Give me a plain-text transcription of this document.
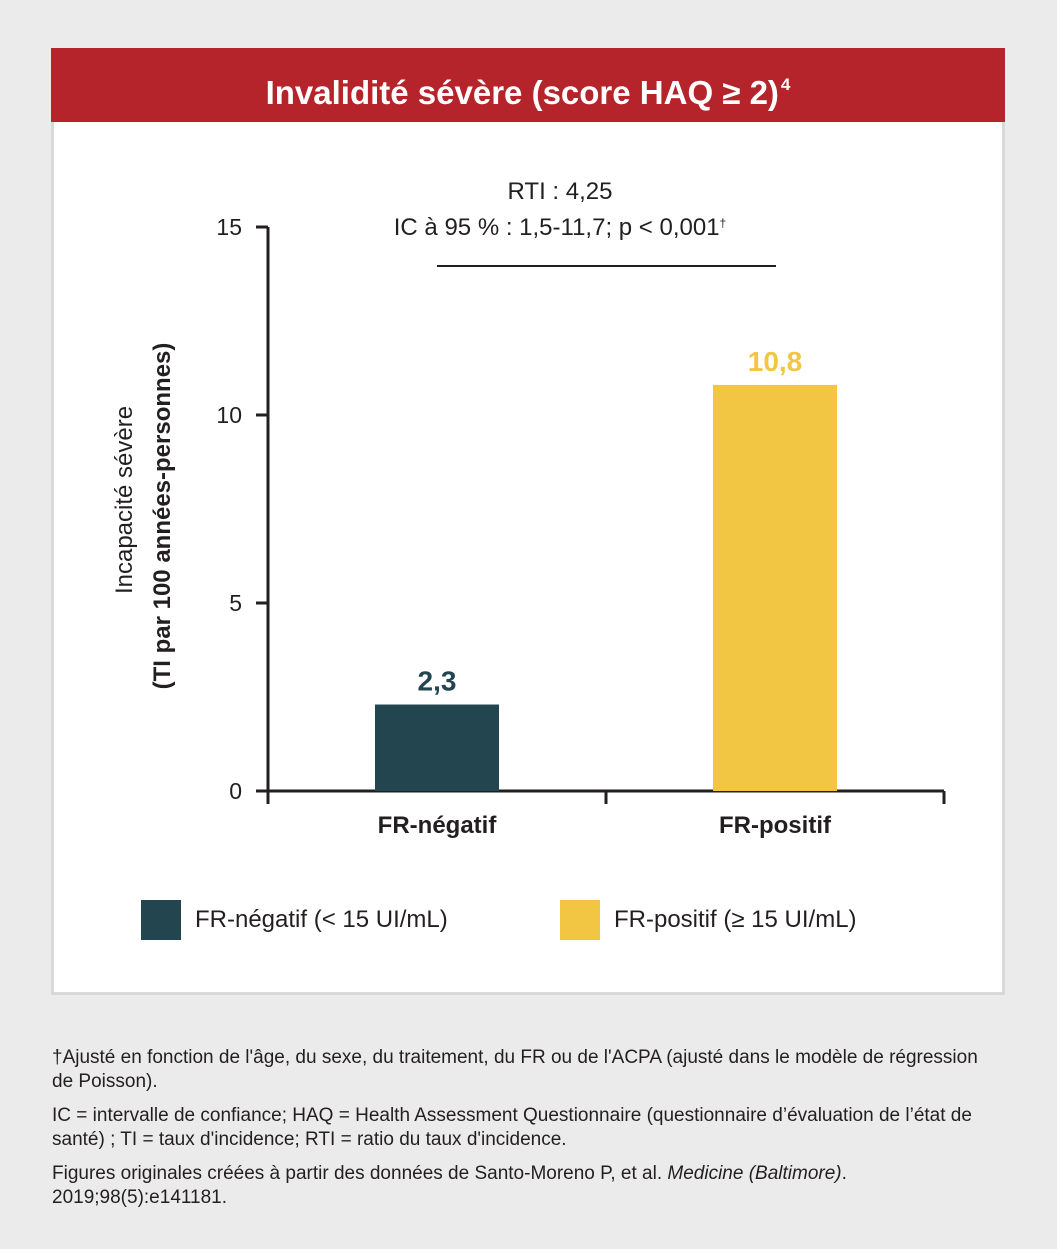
Invalidité sévère (score HAQ ≥ 2) $^4$
RTI : 4,25
IC à 95 % : 1,5-11,7; p < 0,001†
0
5
10
15
2,3
FR-négatif
10,8
FR-positif
Incapacité sévère (TI par 100 années-personnes)
FR-négatif (< 15 UI/mL)	FR-positif (≥ 15 UI/mL)

†Ajusté en fonction de l'âge, du sexe, du traitement, du FR ou de l'ACPA (ajusté dans le modèle de régression de Poisson).

IC = intervalle de confiance; HAQ = Health Assessment Questionnaire (questionnaire d’évaluation de l’état de santé) ; TI = taux d'incidence; RTI = ratio du taux d'incidence.

Figures originales créées à partir des données de Santo-Moreno P, et al. Medicine (Baltimore). 2019;98(5):e141181.
